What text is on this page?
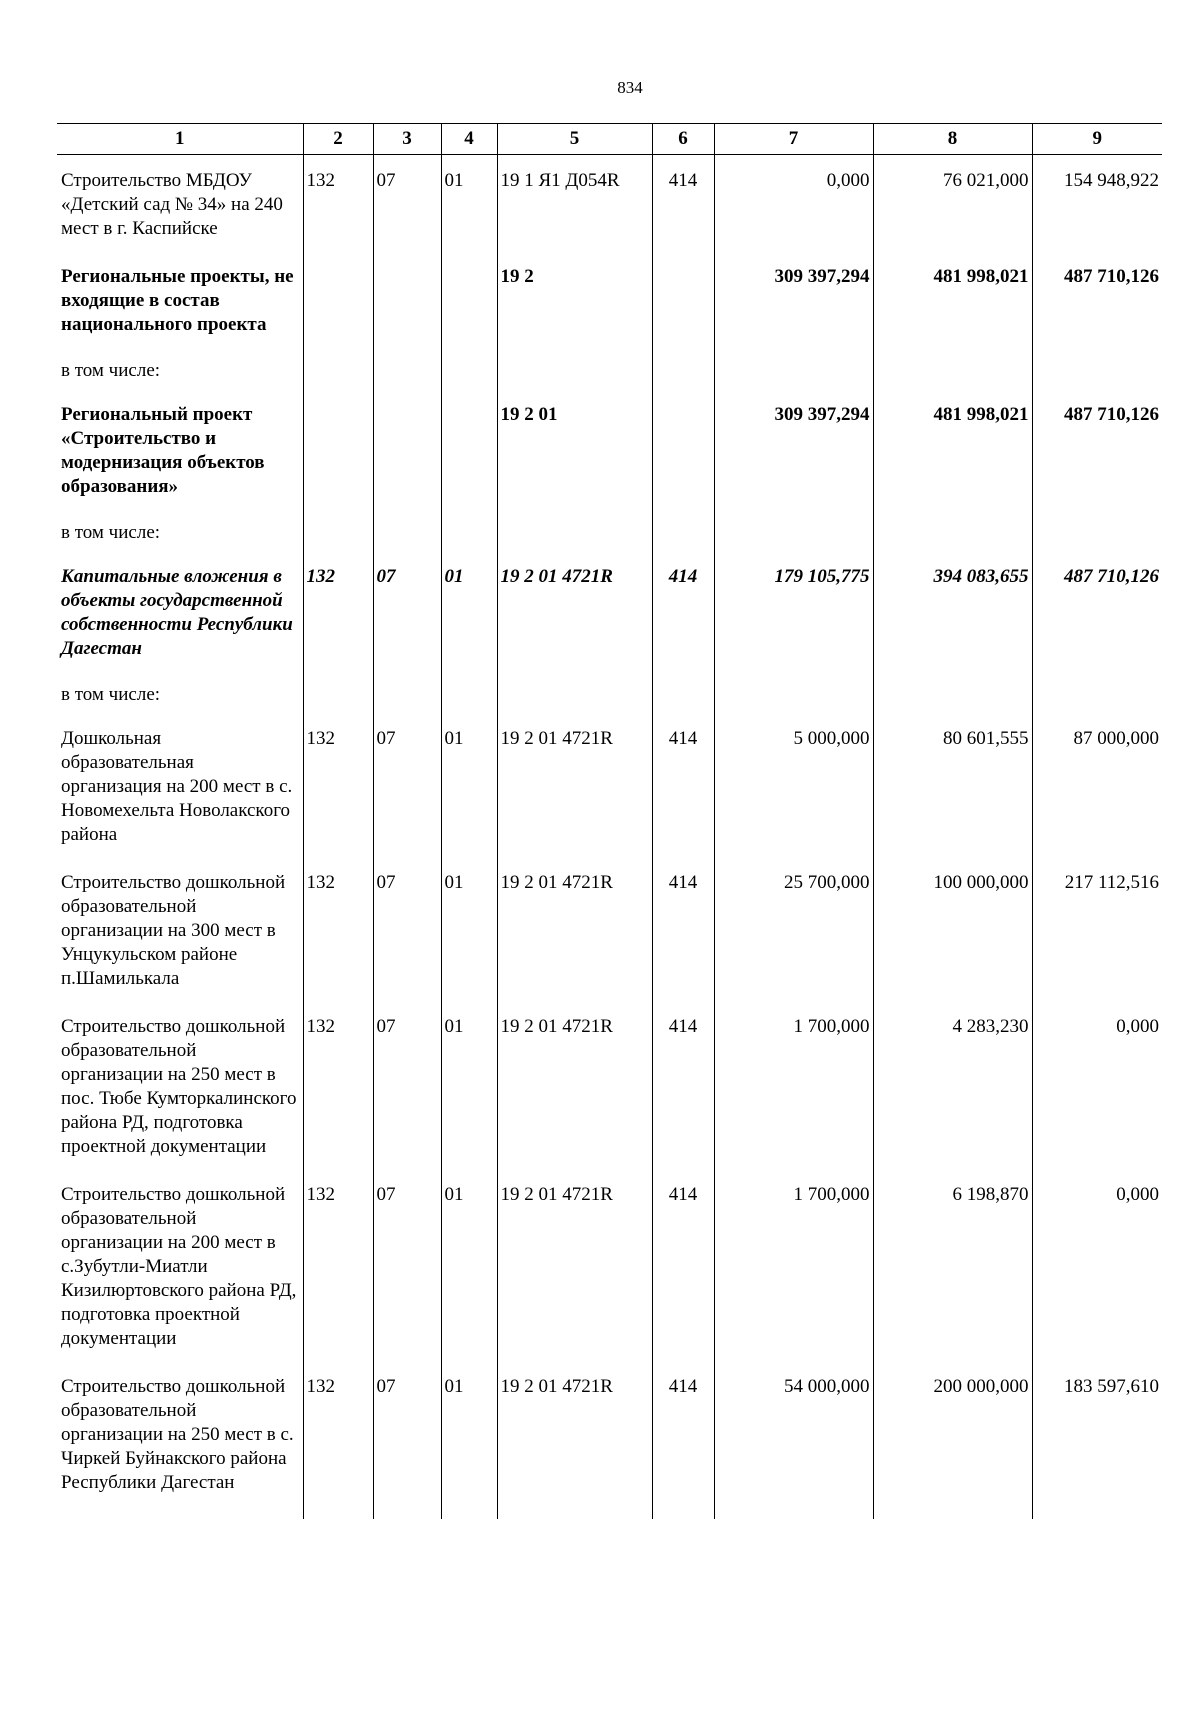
834
1	2	3	4	5	6	7	8	9
Строительство МБДОУ «Детский сад № 34» на 240 мест в г. Каспийске	132	07	01	19 1 Я1 Д054R	414	0,000	76 021,000	154 948,922
Региональные проекты, не входящие в состав национального проекта				19 2		309 397,294	481 998,021	487 710,126
в том числе:								
Региональный проект «Строительство и модернизация объектов образования»				19 2 01		309 397,294	481 998,021	487 710,126
в том числе:								
Капитальные вложения в объекты государственной собственности Республики Дагестан	132	07	01	19 2 01 4721R	414	179 105,775	394 083,655	487 710,126
в том числе:								
Дошкольная образовательная организация на 200 мест в с. Новомехельта Новолакского района	132	07	01	19 2 01 4721R	414	5 000,000	80 601,555	87 000,000
Строительство дошкольной образовательной организации на 300 мест в Унцукульском районе п.Шамилькала	132	07	01	19 2 01 4721R	414	25 700,000	100 000,000	217 112,516
Строительство дошкольной образовательной организации на 250 мест в пос. Тюбе Кумторкалинского района РД, подготовка проектной документации	132	07	01	19 2 01 4721R	414	1 700,000	4 283,230	0,000
Строительство дошкольной образовательной организации на 200 мест в с.Зубутли-Миатли Кизилюртовского района РД, подготовка проектной документации	132	07	01	19 2 01 4721R	414	1 700,000	6 198,870	0,000
Строительство дошкольной образовательной организации на 250 мест в с. Чиркей Буйнакского района Республики Дагестан	132	07	01	19 2 01 4721R	414	54 000,000	200 000,000	183 597,610
